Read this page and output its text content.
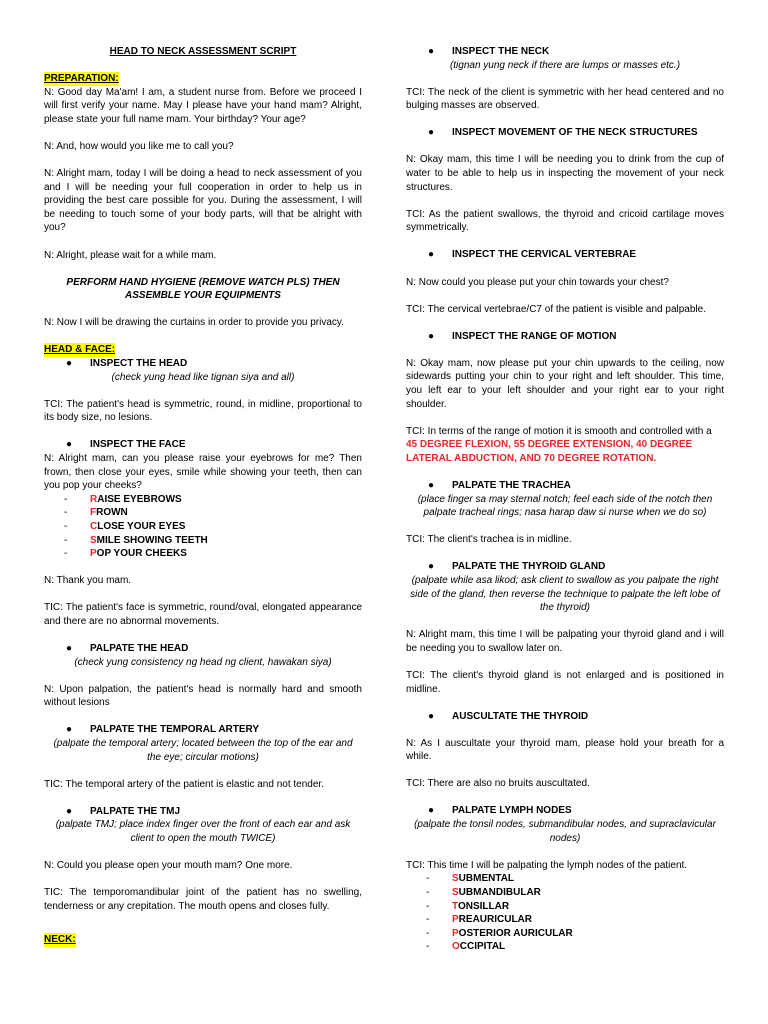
HEAD TO NECK ASSESSMENT SCRIPT

PREPARATION:

N: Good day Ma'am! I am, a student nurse from. Before we proceed I will first verify your name. May I please have your hand mam? Alright, please state your full name mam. Your birthday? Your age?

N: And, how would you like me to call you?

N: Alright mam, today I will be doing a head to neck assessment of you and I will be needing your full cooperation in order to help us in providing the best care possible for you. During the assessment, I will be needing to touch some of your body parts, will that be alright with you?

N: Alright, please wait for a while mam.

PERFORM HAND HYGIENE (REMOVE WATCH PLS) THEN ASSEMBLE YOUR EQUIPMENTS

N: Now I will be drawing the curtains in order to provide you privacy.

HEAD & FACE:

● INSPECT THE HEAD

(check yung head like tignan siya and all)

TCI: The patient's head is symmetric, round, in midline, proportional to its body size, no lesions.

● INSPECT THE FACE

N: Alright mam, can you please raise your eyebrows for me? Then frown, then close your eyes, smile while showing your teeth, then can you pop your cheeks?

- RAISE EYEBROWS
- FROWN
- CLOSE YOUR EYES
- SMILE SHOWING TEETH
- POP YOUR CHEEKS

N: Thank you mam.

TIC: The patient's face is symmetric, round/oval, elongated appearance and there are no abnormal movements.

● PALPATE THE HEAD

(check yung consistency ng head ng client, hawakan siya)

N: Upon palpation, the patient's head is normally hard and smooth without lesions

● PALPATE THE TEMPORAL ARTERY

(palpate the temporal artery; located between the top of the ear and the eye; circular motions)

TIC: The temporal artery of the patient is elastic and not tender.

● PALPATE THE TMJ

(palpate TMJ; place index finger over the front of each ear and ask client to open the mouth TWICE)

N: Could you please open your mouth mam? One more.

TIC: The temporomandibular joint of the patient has no swelling, tenderness or any crepitation. The mouth opens and closes fully.

NECK:

● INSPECT THE NECK

(tignan yung neck if there are lumps or masses etc.)

TCI: The neck of the client is symmetric with her head centered and no bulging masses are observed.

● INSPECT MOVEMENT OF THE NECK STRUCTURES

N: Okay mam, this time I will be needing you to drink from the cup of water to be able to help us in inspecting the movement of your neck structures.

TCI: As the patient swallows, the thyroid and cricoid cartilage moves symmetrically.

● INSPECT THE CERVICAL VERTEBRAE

N: Now could you please put your chin towards your chest?

TCI: The cervical vertebrae/C7 of the patient is visible and palpable.

● INSPECT THE RANGE OF MOTION

N: Okay mam, now please put your chin upwards to the ceiling, now sidewards putting your chin to your right and left shoulder. This time, you left ear to your left shoulder and your right ear to your right shoulder.

TCI: In terms of the range of motion it is smooth and controlled with a 45 DEGREE FLEXION, 55 DEGREE EXTENSION, 40 DEGREE LATERAL ABDUCTION, AND 70 DEGREE ROTATION.

● PALPATE THE TRACHEA

(place finger sa may sternal notch; feel each side of the notch then palpate tracheal rings; nasa harap daw si nurse when we do so)

TCI: The client's trachea is in midline.

● PALPATE THE THYROID GLAND

(palpate while asa likod; ask client to swallow as you palpate the right side of the gland, then reverse the technique to palpate the left lobe of the thyroid)

N: Alright mam, this time I will be palpating your thyroid gland and i will be needing you to swallow later on.

TCI: The client's thyroid gland is not enlarged and is positioned in midline.

● AUSCULTATE THE THYROID

N: As I auscultate your thyroid mam, please hold your breath for a while.

TCI: There are also no bruits auscultated.

● PALPATE LYMPH NODES

(palpate the tonsil nodes, submandibular nodes, and supraclavicular nodes)

TCI: This time I will be palpating the lymph nodes of the patient.

- SUBMENTAL
- SUBMANDIBULAR
- TONSILLAR
- PREAURICULAR
- POSTERIOR AURICULAR
- OCCIPITAL
